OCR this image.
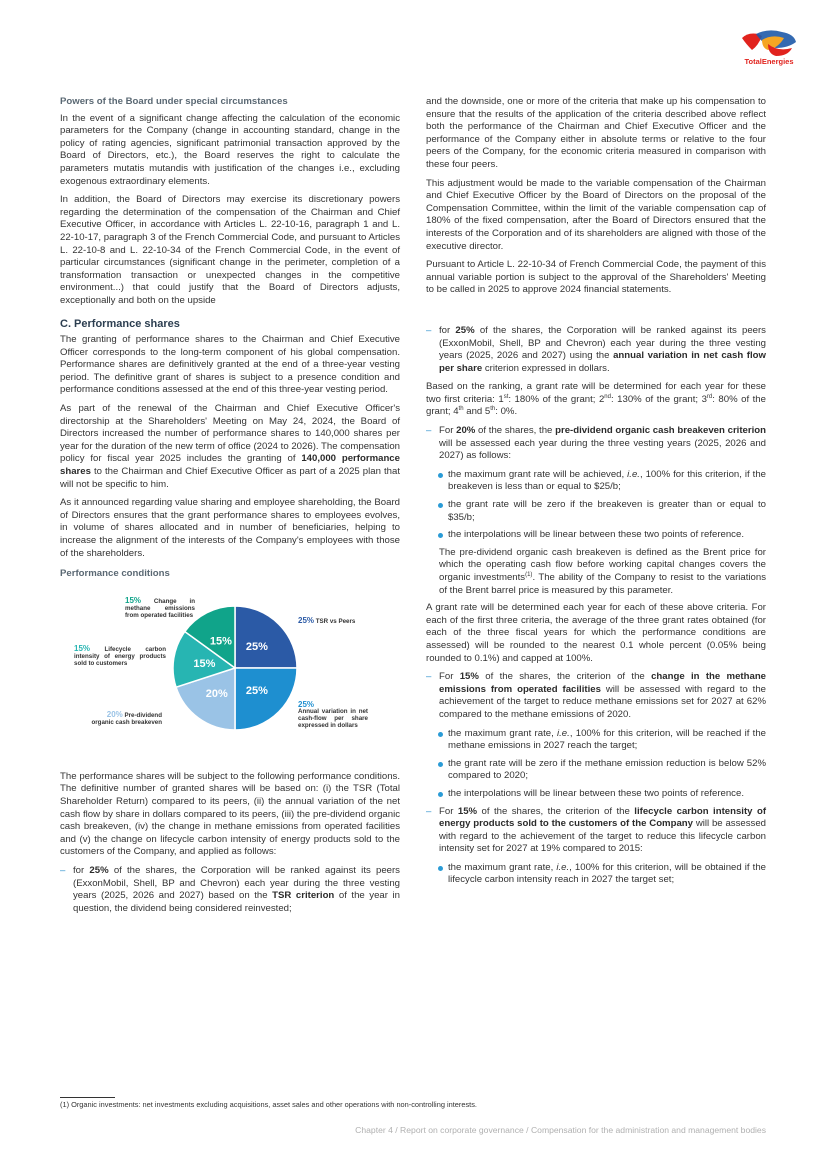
TotalEnergies
Powers of the Board under special circumstances

In the event of a significant change affecting the calculation of the economic parameters for the Company (change in accounting standard, change in the policy of rating agencies, significant patrimonial transaction approved by the Board of Directors, etc.), the Board reserves the right to calculate the parameters mutatis mutandis with justification of the changes i.e., excluding exogenous extraordinary elements.

In addition, the Board of Directors may exercise its discretionary powers regarding the determination of the compensation of the Chairman and Chief Executive Officer, in accordance with Articles L. 22-10-16, paragraph 1 and L. 22-10-17, paragraph 3 of the French Commercial Code, and pursuant to Articles L. 22-10-8 and L. 22-10-34 of the French Commercial Code, in the event of particular circumstances (significant change in the perimeter, completion of a transformation transaction or unexpected changes in the competitive environment...) that could justify that the Board of Directors adjusts, exceptionally and both on the upside

C. Performance shares

The granting of performance shares to the Chairman and Chief Executive Officer corresponds to the long-term component of his global compensation. Performance shares are definitively granted at the end of a three-year vesting period. The definitive grant of shares is subject to a presence condition and performance conditions assessed at the end of this three-year vesting period.

As part of the renewal of the Chairman and Chief Executive Officer's directorship at the Shareholders' Meeting on May 24, 2024, the Board of Directors increased the number of performance shares to 140,000 shares per year for the duration of the new term of office (2024 to 2026). The compensation policy for fiscal year 2025 includes the granting of 140,000 performance shares to the Chairman and Chief Executive Officer as part of a 2025 plan that will not be specific to him.

As it announced regarding value sharing and employee shareholding, the Board of Directors ensures that the grant performance shares to employees evolves, in volume of shares allocated and in number of beneficiaries, helping to increase the alignment of the interests of the Company's employees with those of the shareholders.

Performance conditions
25%
25%
20%
15%
15%
25% TSR vs Peers
25%
Annual variation in net cash-flow per share expressed in dollars
20% Pre-dividend organic cash breakeven
15% Lifecycle carbon intensity of energy products sold to customers
15% Change in methane emissions from operated facilities

The performance shares will be subject to the following performance conditions. The definitive number of granted shares will be based on: (i) the TSR (Total Shareholder Return) compared to its peers, (ii) the annual variation of the net cash flow by share in dollars compared to its peers, (iii) the pre-dividend organic cash breakeven, (iv) the change in methane emissions from operated facilities and (v) the change on lifecycle carbon intensity of energy products sold to the customers of the Company, and applied as follows:

– for 25% of the shares, the Corporation will be ranked against its peers (ExxonMobil, Shell, BP and Chevron) each year during the three vesting years (2025, 2026 and 2027) based on the TSR criterion of the year in question, the dividend being considered reinvested;

and the downside, one or more of the criteria that make up his compensation to ensure that the results of the application of the criteria described above reflect both the performance of the Chairman and Chief Executive Officer and the performance of the Company either in absolute terms or relative to the four peers of the Company, for the economic criteria measured in comparison with these four peers.

This adjustment would be made to the variable compensation of the Chairman and Chief Executive Officer by the Board of Directors on the proposal of the Compensation Committee, within the limit of the variable compensation cap of 180% of the fixed compensation, after the Board of Directors ensured that the interests of the Corporation and of its shareholders are aligned with those of the executive director.

Pursuant to Article L. 22-10-34 of French Commercial Code, the payment of this annual variable portion is subject to the approval of the Shareholders' Meeting to be called in 2025 to approve 2024 financial statements.

– for 25% of the shares, the Corporation will be ranked against its peers (ExxonMobil, Shell, BP and Chevron) each year during the three vesting years (2025, 2026 and 2027) using the annual variation in net cash flow per share criterion expressed in dollars.

Based on the ranking, a grant rate will be determined for each year for these two first criteria: 1st: 180% of the grant; 2nd: 130% of the grant; 3rd: 80% of the grant; 4th and 5th: 0%.

– For 20% of the shares, the pre-dividend organic cash breakeven criterion will be assessed each year during the three vesting years (2025, 2026 and 2027) as follows:
the maximum grant rate will be achieved, i.e., 100% for this criterion, if the breakeven is less than or equal to $25/b;
the grant rate will be zero if the breakeven is greater than or equal to $35/b;
the interpolations will be linear between these two points of reference.
The pre-dividend organic cash breakeven is defined as the Brent price for which the operating cash flow before working capital changes covers the organic investments$^{(1)}$. The ability of the Company to resist to the variations of the Brent barrel price is measured by this parameter.

A grant rate will be determined each year for each of these above criteria. For each of the first three criteria, the average of the three grant rates obtained (for each of the three fiscal years for which the performance conditions are assessed) will be rounded to the nearest 0.1 whole percent (0.05% being rounded to 0.1%) and capped at 100%.

– For 15% of the shares, the criterion of the change in the methane emissions from operated facilities will be assessed with regard to the achievement of the target to reduce methane emissions set for 2027 at 62% compared to the methane emissions of 2020.
the maximum grant rate, i.e., 100% for this criterion, will be reached if the methane emissions in 2027 reach the target;
the grant rate will be zero if the methane emission reduction is below 52% compared to 2020;
the interpolations will be linear between these two points of reference.
– For 15% of the shares, the criterion of the lifecycle carbon intensity of energy products sold to the customers of the Company will be assessed with regard to the achievement of the target to reduce this lifecycle carbon intensity set for 2027 at 19% compared to 2015:
the maximum grant rate, i.e., 100% for this criterion, will be obtained if the lifecycle carbon intensity reach in 2027 the target set;
(1) Organic investments: net investments excluding acquisitions, asset sales and other operations with non-controlling interests.
Chapter 4 / Report on corporate governance / Compensation for the administration and management bodies
